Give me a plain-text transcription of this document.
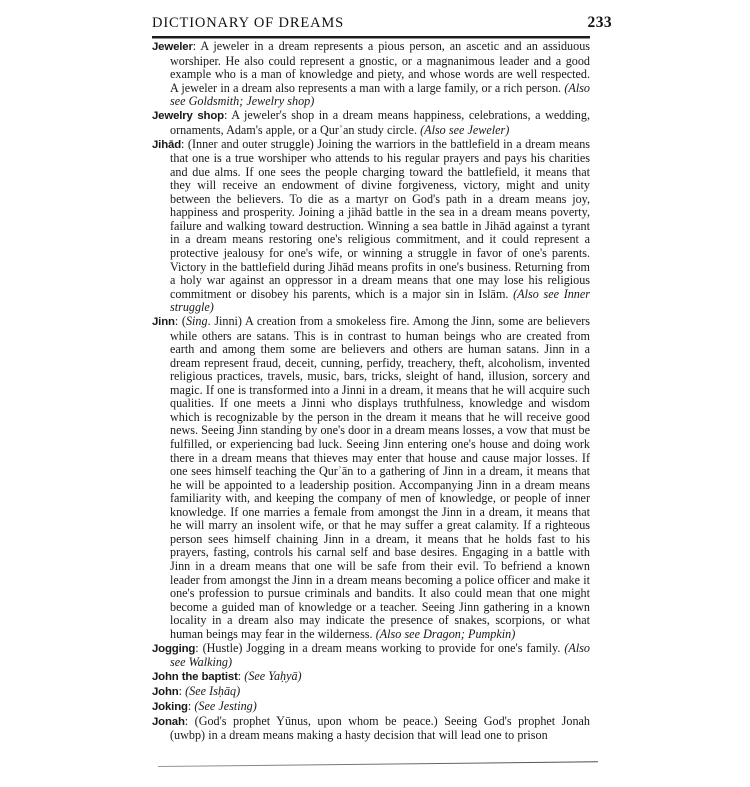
DICTIONARY OF DREAMS	233

Jeweler: A jeweler in a dream represents a pious person, an ascetic and an assiduous worshiper. He also could represent a gnostic, or a magnanimous leader and a good example who is a man of knowledge and piety, and whose words are well respected. A jeweler in a dream also represents a man with a large family, or a rich person. (Also see Goldsmith; Jewelry shop)

Jewelry shop: A jeweler's shop in a dream means happiness, celebrations, a wedding, ornaments, Adam's apple, or a Qurʾan study circle. (Also see Jeweler)

Jihād: (Inner and outer struggle) Joining the warriors in the battlefield in a dream means that one is a true worshiper who attends to his regular prayers and pays his charities and due alms. If one sees the people charging toward the battlefield, it means that they will receive an endowment of divine forgiveness, victory, might and unity between the believers. To die as a martyr on God's path in a dream means joy, happiness and prosperity. Joining a jihād battle in the sea in a dream means poverty, failure and walking toward destruction. Winning a sea battle in Jihād against a tyrant in a dream means restoring one's religious commitment, and it could represent a protective jealousy for one's wife, or winning a struggle in favor of one's parents. Victory in the battlefield during Jihād means profits in one's business. Returning from a holy war against an oppressor in a dream means that one may lose his religious commitment or disobey his parents, which is a major sin in Islām. (Also see Inner struggle)

Jinn: (Sing. Jinni) A creation from a smokeless fire. Among the Jinn, some are believers while others are satans. This is in contrast to human beings who are created from earth and among them some are believers and others are human satans. Jinn in a dream represent fraud, deceit, cunning, perfidy, treachery, theft, alcoholism, invented religious practices, travels, music, bars, tricks, sleight of hand, illusion, sorcery and magic. If one is transformed into a Jinni in a dream, it means that he will acquire such qualities. If one meets a Jinni who displays truthfulness, knowledge and wisdom which is recognizable by the person in the dream it means that he will receive good news. Seeing Jinn standing by one's door in a dream means losses, a vow that must be fulfilled, or experiencing bad luck. Seeing Jinn entering one's house and doing work there in a dream means that thieves may enter that house and cause major losses. If one sees himself teaching the Qurʾān to a gathering of Jinn in a dream, it means that he will be appointed to a leadership position. Accompanying Jinn in a dream means familiarity with, and keeping the company of men of knowledge, or people of inner knowledge. If one marries a female from amongst the Jinn in a dream, it means that he will marry an insolent wife, or that he may suffer a great calamity. If a righteous person sees himself chaining Jinn in a dream, it means that he holds fast to his prayers, fasting, controls his carnal self and base desires. Engaging in a battle with Jinn in a dream means that one will be safe from their evil. To befriend a known leader from amongst the Jinn in a dream means becoming a police officer and make it one's profession to pursue criminals and bandits. It also could mean that one might become a guided man of knowledge or a teacher. Seeing Jinn gathering in a known locality in a dream also may indicate the presence of snakes, scorpions, or what human beings may fear in the wilderness. (Also see Dragon; Pumpkin)

Jogging: (Hustle) Jogging in a dream means working to provide for one's family. (Also see Walking)

John the baptist: (See Yaḥyā)

John: (See Isḥāq)

Joking: (See Jesting)

Jonah: (God's prophet Yūnus, upon whom be peace.) Seeing God's prophet Jonah (uwbp) in a dream means making a hasty decision that will lead one to prison
